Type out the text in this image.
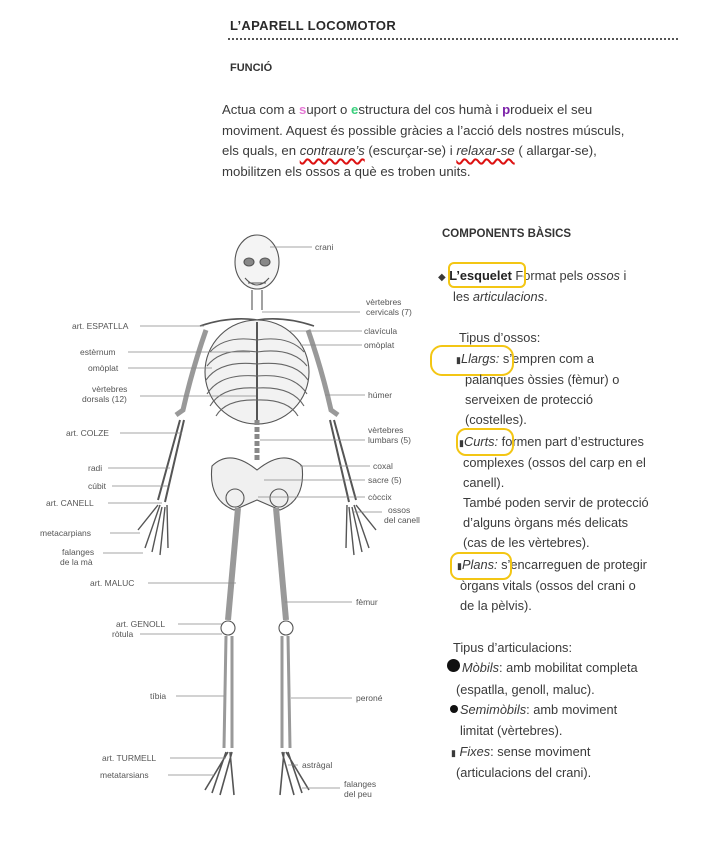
L’APARELL LOCOMOTOR
FUNCIÓ
Actua com a suport o estructura del cos humà i produeix el seu
moviment. Aquest és possible gràcies a l’acció dels nostres músculs,
els quals, en contraure’s (escurçar-se) i relaxar-se ( allargar-se),
mobilitzen els ossos a què es troben units.
COMPONENTS BÀSICS
◆ L’esquelet Format pels ossos i
les articulacions.
Tipus d’ossos:
▮Llargs: s’empren com a
palanques òssies (fèmur) o
serveixen de protecció
(costelles).
▮Curts: formen part d’estructures
complexes (ossos del carp en el
canell).
També poden servir de protecció
d’alguns òrgans més delicats
(cas de les vèrtebres).
▮Plans: s’encarreguen de protegir
òrgans vitals (ossos del crani o
de la pèlvis).
Tipus d’articulacions:
Mòbils: amb mobilitat completa
(espatlla, genoll, maluc).
Semimòbils: amb moviment
limitat (vèrtebres).
▮ Fixes: sense moviment
(articulacions del crani).
crani
vèrtebres
cervicals (7)
clavícula
omòplat
húmer
vèrtebres
lumbars (5)
coxal
sacre (5)
còccix
ossos
del canell
fèmur
peroné
astràgal
falanges
del peu
art. ESPATLLA
estèrnum
omòplat
vèrtebres
dorsals (12)
art. COLZE
radi
cúbit
art. CANELL
metacarpians
falanges
de la mà
art. MALUC
art. GENOLL
ròtula
tíbia
art. TURMELL
metatarsians
